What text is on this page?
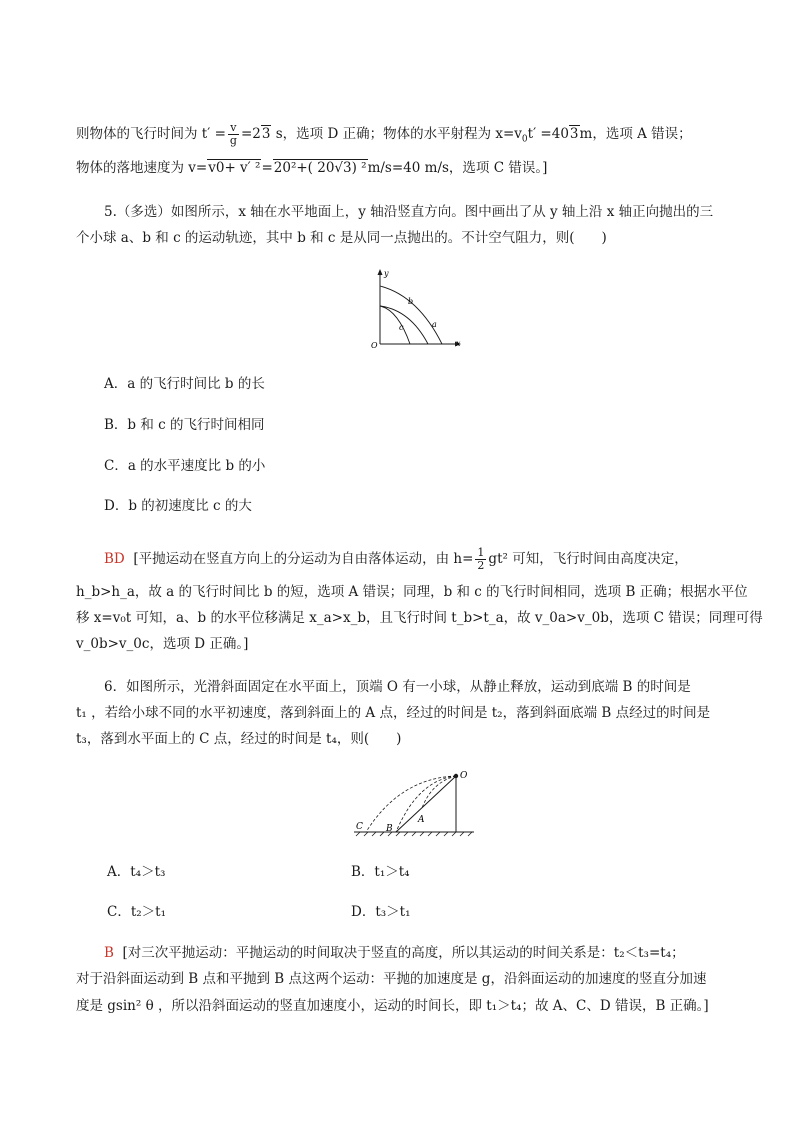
则物体的飞行时间为 $t' = \frac{v}{g} =23$ s，选项 D 正确；物体的水平射程为 $x=v_0t' =403m$，选项 A 错误；
物体的落地速度为 v=v0+ v′ ²=20²+( 20√3) ²m/s=40 m/s，选项 C 错误。]
5.（多选）如图所示，x 轴在水平地面上，y 轴沿竖直方向。图中画出了从 y 轴上沿 x 轴正向抛出的三
个小球 a、b 和 c 的运动轨迹，其中 b 和 c 是从同一点抛出的。不计空气阻力，则(　　)
y
x
O
a
b
c
A．a 的飞行时间比 b 的长
B．b 和 c 的飞行时间相同
C．a 的水平速度比 b 的小
D．b 的初速度比 c 的大
BD [平抛运动在竖直方向上的分运动为自由落体运动，由 $h= \frac{1}{2} gt^2$ 可知，飞行时间由高度决定，
h_b>h_a，故 a 的飞行时间比 b 的短，选项 A 错误；同理，b 和 c 的飞行时间相同，选项 B 正确；根据水平位
移 x=v₀t 可知，a、b 的水平位移满足 x_a>x_b，且飞行时间 t_b>t_a，故 v_0a>v_0b，选项 C 错误；同理可得
v_0b>v_0c，选项 D 正确。]
6．如图所示，光滑斜面固定在水平面上，顶端 O 有一小球，从静止释放，运动到底端 B 的时间是
t₁ ，若给小球不同的水平初速度，落到斜面上的 A 点，经过的时间是 t₂，落到斜面底端 B 点经过的时间是
t₃，落到水平面上的 C 点，经过的时间是 t₄，则(　　)
O
A
B
C
A．t₄＞t₃	B．t₁＞t₄
C．t₂＞t₁	D．t₃＞t₁
B [对三次平抛运动：平抛运动的时间取决于竖直的高度，所以其运动的时间关系是：t₂＜t₃=t₄；
对于沿斜面运动到 B 点和平抛到 B 点这两个运动：平抛的加速度是 g，沿斜面运动的加速度的竖直分加速
度是 gsin² θ ，所以沿斜面运动的竖直加速度小，运动的时间长，即 t₁＞t₄；故 A、C、D 错误，B 正确。]
